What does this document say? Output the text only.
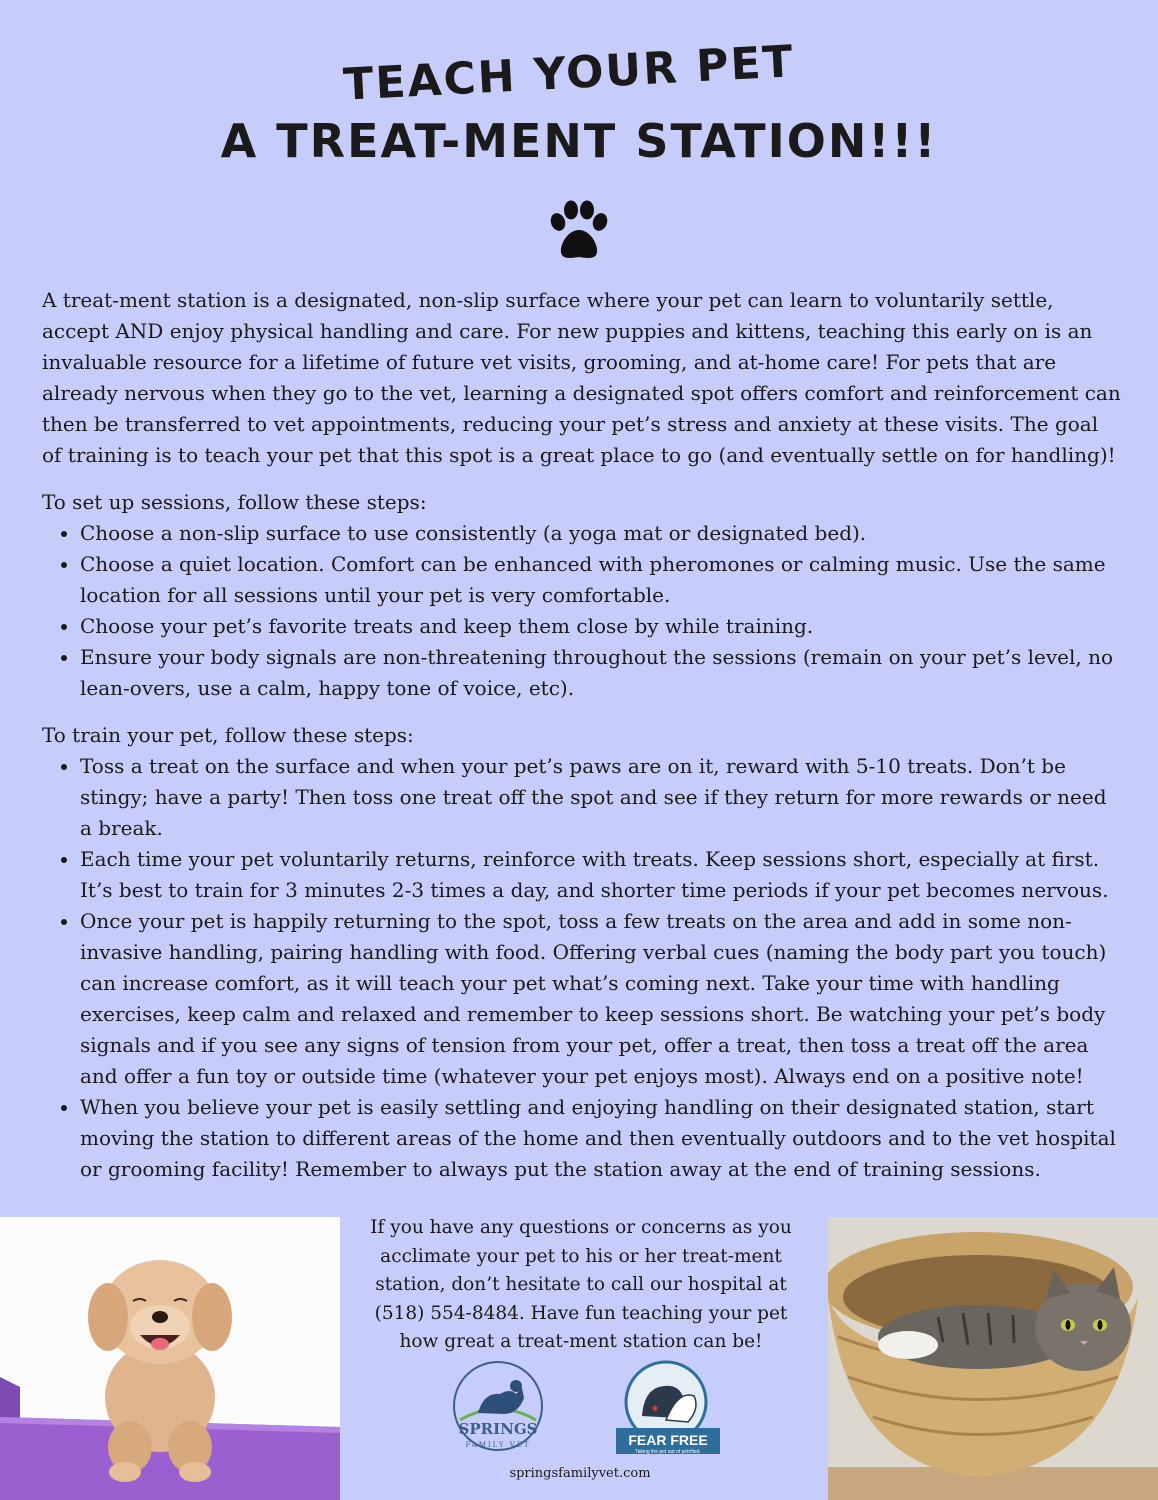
TEACH YOUR PET
A TREAT-MENT STATION!!!

A treat-ment station is a designated, non-slip surface where your pet can learn to voluntarily settle, accept AND enjoy physical handling and care. For new puppies and kittens, teaching this early on is an invaluable resource for a lifetime of future vet visits, grooming, and at-home care! For pets that are already nervous when they go to the vet, learning a designated spot offers comfort and reinforcement can then be transferred to vet appointments, reducing your pet’s stress and anxiety at these visits. The goal of training is to teach your pet that this spot is a great place to go (and eventually settle on for handling)!

To set up sessions, follow these steps:

• Choose a non-slip surface to use consistently (a yoga mat or designated bed).
• Choose a quiet location. Comfort can be enhanced with pheromones or calming music. Use the same location for all sessions until your pet is very comfortable.
• Choose your pet’s favorite treats and keep them close by while training.
• Ensure your body signals are non-threatening throughout the sessions (remain on your pet’s level, no lean-overs, use a calm, happy tone of voice, etc).

To train your pet, follow these steps:

• Toss a treat on the surface and when your pet’s paws are on it, reward with 5-10 treats. Don’t be stingy; have a party! Then toss one treat off the spot and see if they return for more rewards or need a break.
• Each time your pet voluntarily returns, reinforce with treats. Keep sessions short, especially at first. It’s best to train for 3 minutes 2-3 times a day, and shorter time periods if your pet becomes nervous.
• Once your pet is happily returning to the spot, toss a few treats on the area and add in some non-invasive handling, pairing handling with food. Offering verbal cues (naming the body part you touch) can increase comfort, as it will teach your pet what’s coming next. Take your time with handling exercises, keep calm and relaxed and remember to keep sessions short. Be watching your pet’s body signals and if you see any signs of tension from your pet, offer a treat, then toss a treat off the area and offer a fun toy or outside time (whatever your pet enjoys most). Always end on a positive note!
• When you believe your pet is easily settling and enjoying handling on their designated station, start moving the station to different areas of the home and then eventually outdoors and to the vet hospital or grooming facility! Remember to always put the station away at the end of training sessions.
If you have any questions or concerns as you acclimate your pet to his or her treat-ment station, don’t hesitate to call our hospital at (518) 554-8484. Have fun teaching your pet how great a treat-ment station can be!
SPRINGS
FAMILY VET	FEAR FREE
Taking the pet out of petrified.
springsfamilyvet.com
